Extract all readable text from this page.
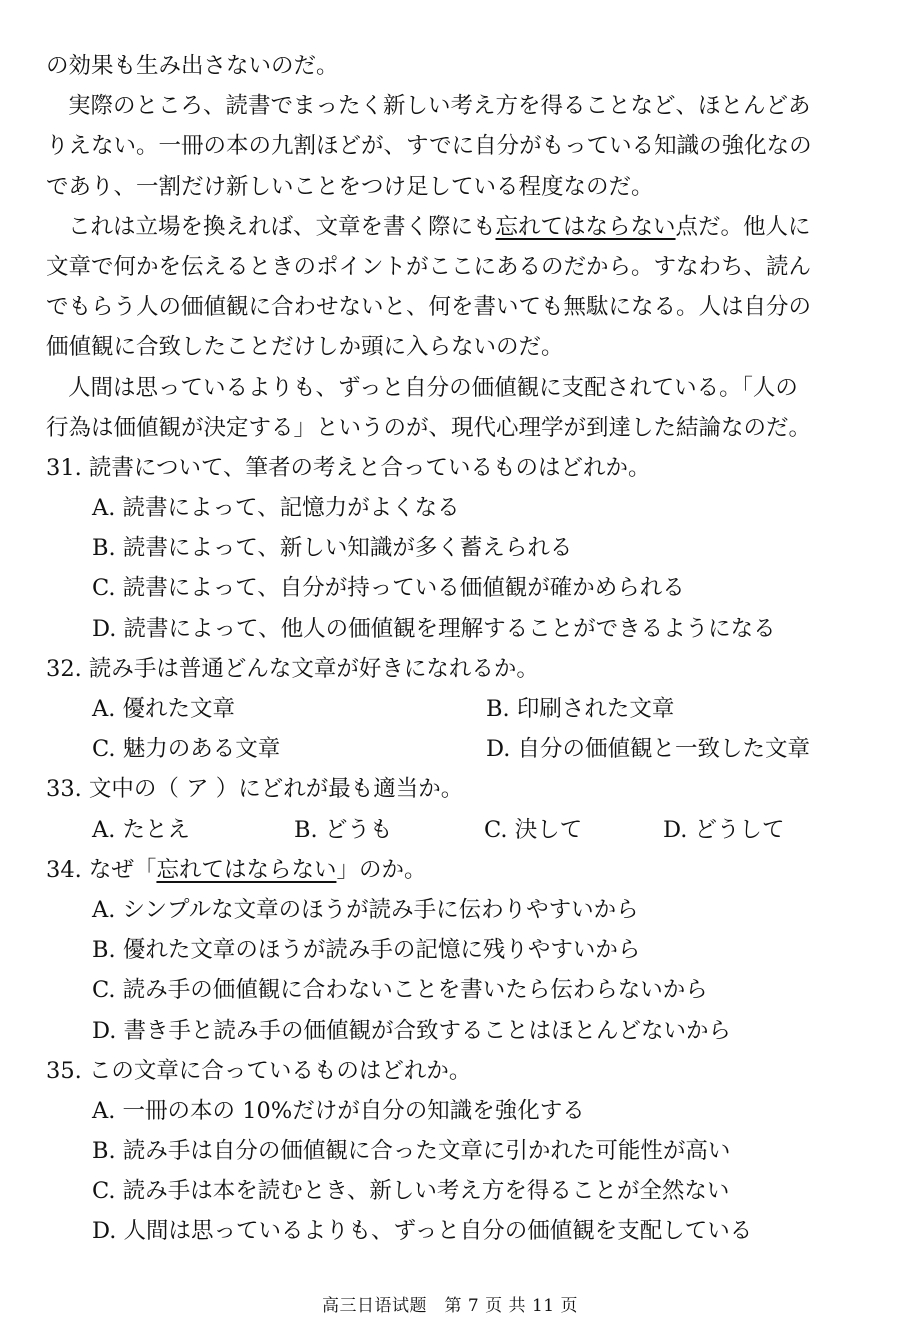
の効果も生み出さないのだ。
実際のところ、読書でまったく新しい考え方を得ることなど、ほとんどあ
りえない。一冊の本の九割ほどが、すでに自分がもっている知識の強化なの
であり、一割だけ新しいことをつけ足している程度なのだ。
これは立場を換えれば、文章を書く際にも忘れてはならない点だ。他人に
文章で何かを伝えるときのポイントがここにあるのだから。すなわち、読ん
でもらう人の価値観に合わせないと、何を書いても無駄になる。人は自分の
価値観に合致したことだけしか頭に入らないのだ。
人間は思っているよりも、ずっと自分の価値観に支配されている。「人の
行為は価値観が決定する」というのが、現代心理学が到達した結論なのだ。
31. 読書について、筆者の考えと合っているものはどれか。
A. 読書によって、記憶力がよくなる
B. 読書によって、新しい知識が多く蓄えられる
C. 読書によって、自分が持っている価値観が確かめられる
D. 読書によって、他人の価値観を理解することができるようになる
32. 読み手は普通どんな文章が好きになれるか。
A. 優れた文章	B. 印刷された文章
C. 魅力のある文章	D. 自分の価値観と一致した文章
33. 文中の（ ア ）にどれが最も適当か。
A. たとえ	B. どうも	C. 決して	D. どうして
34. なぜ「忘れてはならない」のか。
A. シンプルな文章のほうが読み手に伝わりやすいから
B. 優れた文章のほうが読み手の記憶に残りやすいから
C. 読み手の価値観に合わないことを書いたら伝わらないから
D. 書き手と読み手の価値観が合致することはほとんどないから
35. この文章に合っているものはどれか。
A. 一冊の本の 10%だけが自分の知識を強化する
B. 読み手は自分の価値観に合った文章に引かれた可能性が高い
C. 読み手は本を読むとき、新しい考え方を得ることが全然ない
D. 人間は思っているよりも、ずっと自分の価値観を支配している
高三日语试题　第 7 页 共 11 页
